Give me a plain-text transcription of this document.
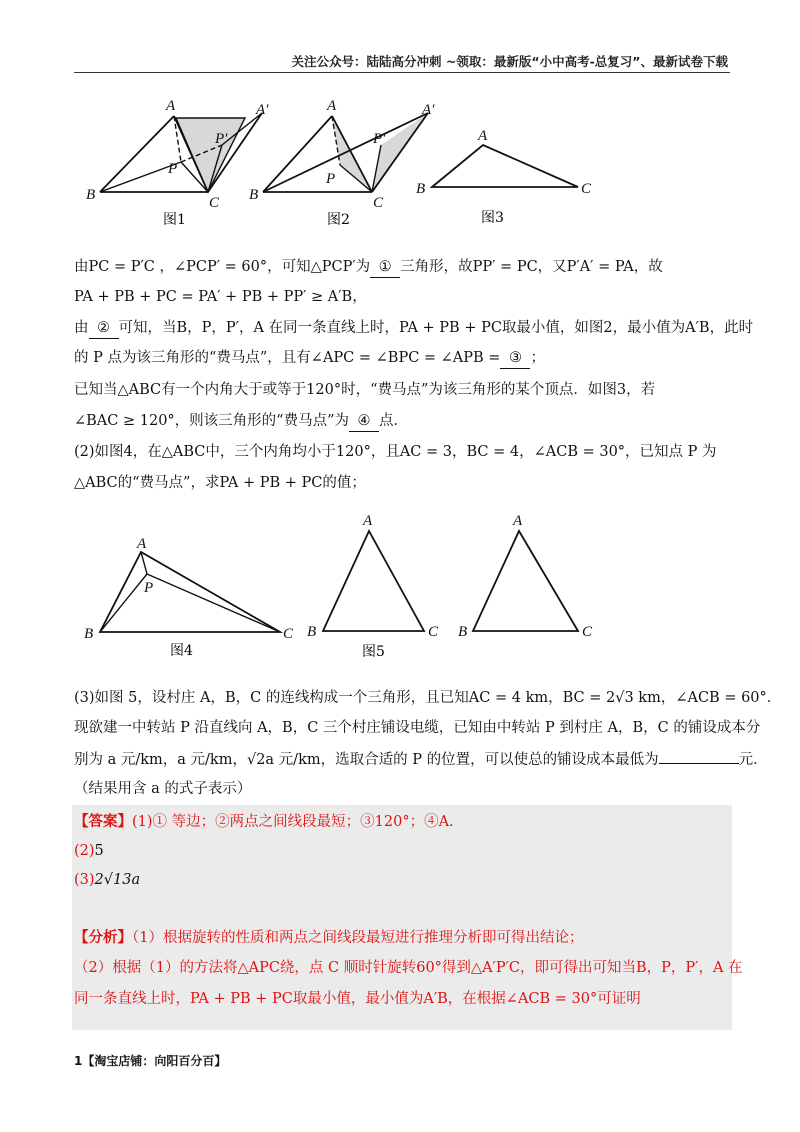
关注公众号：陆陆高分冲刺 ~领取：最新版“小中高考-总复习”、最新试卷下载
A	A′
P′
P
B	C
图1
A	A′
P′
P
B	C
图2
A
B	C
图3
由PC = P′C ，∠PCP′ = 60°，可知△PCP′为 ① 三角形，故PP′ = PC，又P′A′ = PA，故
PA + PB + PC = PA′ + PB + PP′ ≥ A′B，
由 ② 可知，当B，P，P′，A 在同一条直线上时，PA + PB + PC取最小值，如图2，最小值为A′B，此时
的 P 点为该三角形的“费马点”，且有∠APC = ∠BPC = ∠APB = ③ ；
已知当△ABC有一个内角大于或等于120°时，“费马点”为该三角形的某个顶点．如图3，若
∠BAC ≥ 120°，则该三角形的“费马点”为 ④ 点．
(2)如图4，在△ABC中，三个内角均小于120°，且AC = 3，BC = 4，∠ACB = 30°，已知点 P 为
△ABC的“费马点”，求PA + PB + PC的值；
A
P
B	C
图4
A
B	C
图5
A
B	C
(3)如图 5，设村庄 A，B，C 的连线构成一个三角形，且已知AC = 4 km，BC = 2√3 km，∠ACB = 60°．
现欲建一中转站 P 沿直线向 A，B，C 三个村庄铺设电缆，已知由中转站 P 到村庄 A，B，C 的铺设成本分
别为 a 元/km，a 元/km，√2a 元/km，选取合适的 P 的位置，可以使总的铺设成本最低为	元．
（结果用含 a 的式子表示）
【答案】(1)① 等边；②两点之间线段最短；③120°；④A.
(2)5
(3)2√13a
【分析】（1）根据旋转的性质和两点之间线段最短进行推理分析即可得出结论；
（2）根据（1）的方法将△APC绕，点 C 顺时针旋转60°得到△A′P′C，即可得出可知当B，P，P′，A 在
同一条直线上时，PA + PB + PC取最小值，最小值为A′B，在根据∠ACB = 30°可证明
1【淘宝店铺：向阳百分百】
